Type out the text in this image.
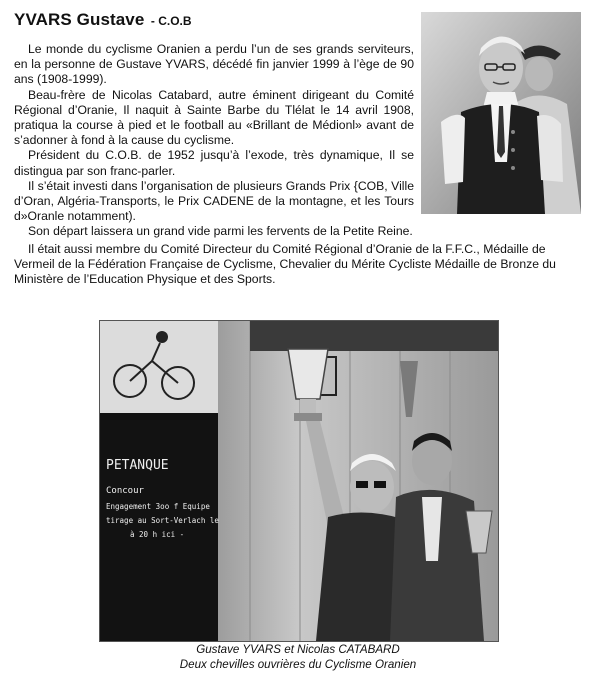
YVARS Gustave - C.O.B

Le monde du cyclisme Oranien a perdu l’un de ses grands serviteurs, en la personne de Gustave YVARS, décédé fin janvier 1999 à l’ège de 90 ans (1908-1999).

Beau-frère de Nicolas Catabard, autre éminent dirigeant du Comité Régional d’Oranie, Il naquit à Sainte Barbe du Tlélat le 14 avril 1908, pratiqua la course à pied et le football au «Brillant de Médionl» avant de s’adonner à fond à la cause du cyclisme.

Président du C.O.B. de 1952 jusqu’à l’exode, très dynamique, Il se distingua par son franc-parler.

Il s’était investi dans l’organisation de plusieurs Grands Prix {COB, Ville d’Oran, Algéria-Transports, le Prix CADENE de la montagne, et les Tours d»Oranle notamment).

Son départ laissera un grand vide parmi les fervents de la Petite Reine.

Il était aussi membre du Comité Directeur du Comité Régional d’Oranie de la F.F.C., Médaille de Vermeil de la Fédération Française de Cyclisme, Chevalier du Mérite Cycliste Médaille de Bronze du Ministère de l’Education Physique et des Sports.

PETANQUE
Concour
Engagement 3oo f Equipe
tirage au Sort-Verlach le
à 20 h ici -
Gustave YVARS et Nicolas CATABARD
Deux chevilles ouvrières du Cyclisme Oranien
